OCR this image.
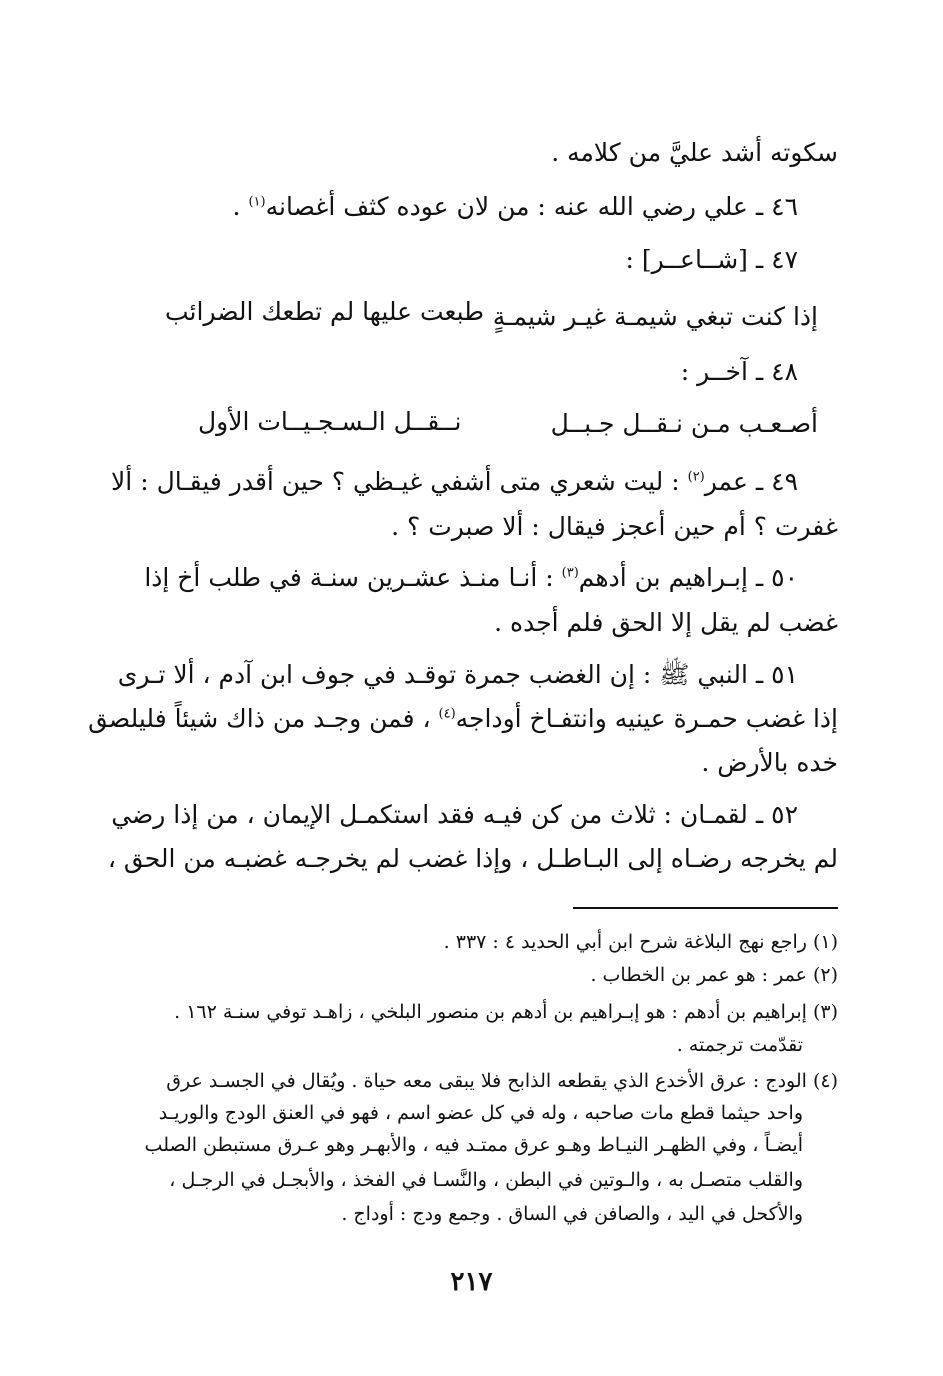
سكوته أشد عليَّ من كلامه .
٤٦ ـ علي رضي الله عنه : من لان عوده كثف أغصانه$^{(١)}$ .
٤٧ ـ [شــاعــر] :
إذا كنت تبغي شيمـة غيـر شيمـةٍ
طبعت عليها لم تطعك الضرائب
٤٨ ـ آخــر :
أصـعـب مـن نـقــل جـبــل
نــقــل الـسـجـيــات الأول
٤٩ ـ عمر$^{(٢)}$ : ليت شعري متى أشفي غيـظي ؟ حين أقدر فيقـال : ألا
غفرت ؟ أم حين أعجز فيقال : ألا صبرت ؟ .
٥٠ ـ إبـراهيم بن أدهم$^{(٣)}$ : أنـا منـذ عشـرين سنـة في طلب أخ إذا
غضب لم يقل إلا الحق فلم أجده .
٥١ ـ النبي ﷺ : إن الغضب جمرة توقـد في جوف ابن آدم ، ألا تـرى
إذا غضب حمـرة عينيه وانتفـاخ أوداجه$^{(٤)}$ ، فمن وجـد من ذاك شيئاً فليلصق
خده بالأرض .
٥٢ ـ لقمـان : ثلاث من كن فيـه فقد استكمـل الإيمان ، من إذا رضي
لم يخرجه رضـاه إلى البـاطـل ، وإذا غضب لم يخرجـه غضبـه من الحق ،
(١) راجع نهج البلاغة شرح ابن أبي الحديد ٤ : ٣٣٧ .
(٢) عمر : هو عمر بن الخطاب .
(٣) إبراهيم بن أدهم : هو إبـراهيم بن أدهم بن منصور البلخي ، زاهـد توفي سنـة ١٦٢ .
تقدّمت ترجمته .
(٤) الودج : عرق الأخدع الذي يقطعه الذابح فلا يبقى معه حياة . ويُقال في الجسـد عرق
واحد حيثما قطع مات صاحبه ، وله في كل عضو اسم ، فهو في العنق الودج والوريـد
أيضـاً ، وفي الظهـر النيـاط وهـو عرق ممتـد فيه ، والأبهـر وهو عـرق مستبطن الصلب
والقلب متصـل به ، والـوتين في البطن ، والنَّسـا في الفخذ ، والأبجـل في الرجـل ،
والأكحل في اليد ، والصافن في الساق . وجمع ودج : أوداج .
٢١٧
